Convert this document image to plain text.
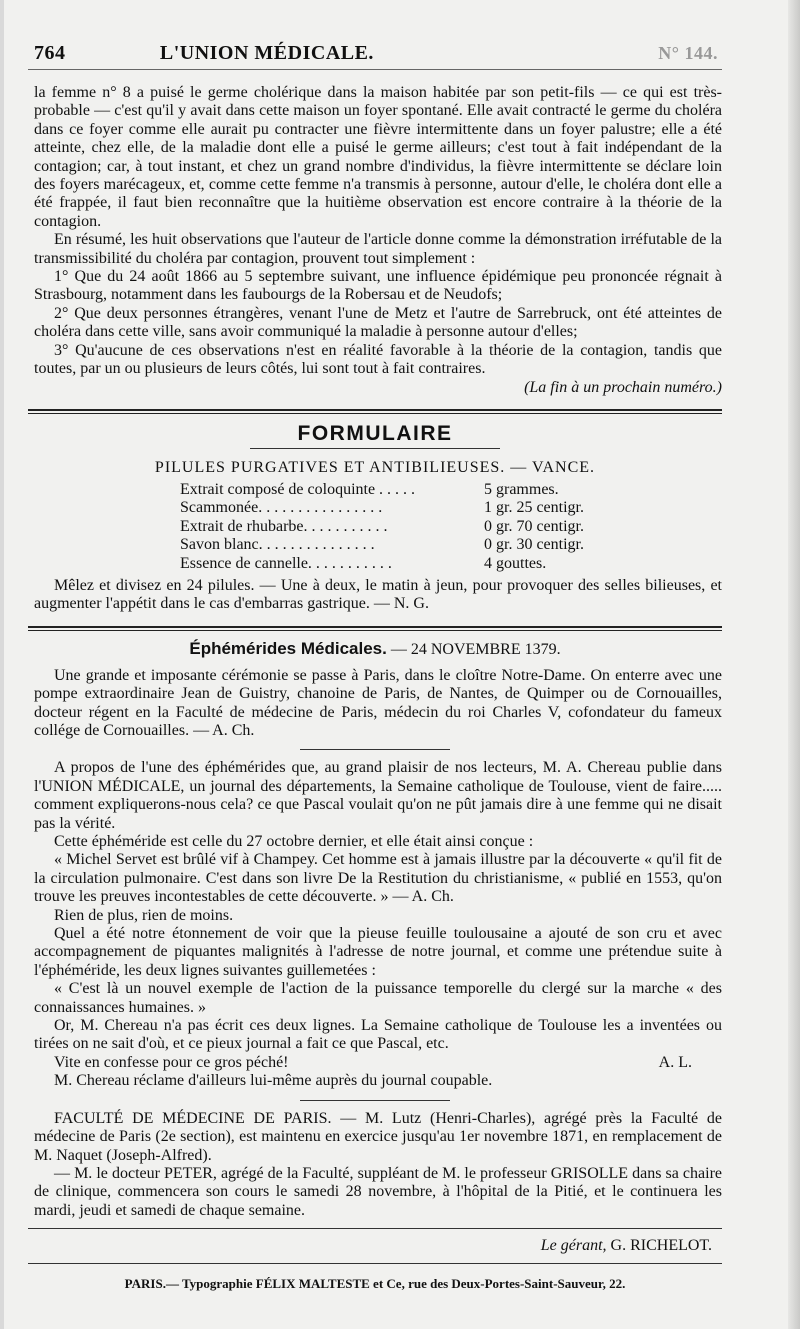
764	L'UNION MÉDICALE.	N° 144.

la femme n° 8 a puisé le germe cholérique dans la maison habitée par son petit-fils — ce qui est très-probable — c'est qu'il y avait dans cette maison un foyer spontané. Elle avait contracté le germe du choléra dans ce foyer comme elle aurait pu contracter une fièvre intermittente dans un foyer palustre; elle a été atteinte, chez elle, de la maladie dont elle a puisé le germe ailleurs; c'est tout à fait indépendant de la contagion; car, à tout instant, et chez un grand nombre d'individus, la fièvre intermittente se déclare loin des foyers marécageux, et, comme cette femme n'a transmis à personne, autour d'elle, le choléra dont elle a été frappée, il faut bien reconnaître que la huitième observation est encore contraire à la théorie de la contagion.

En résumé, les huit observations que l'auteur de l'article donne comme la démonstration irréfutable de la transmissibilité du choléra par contagion, prouvent tout simplement :

1° Que du 24 août 1866 au 5 septembre suivant, une influence épidémique peu prononcée régnait à Strasbourg, notamment dans les faubourgs de la Robersau et de Neudofs;

2° Que deux personnes étrangères, venant l'une de Metz et l'autre de Sarrebruck, ont été atteintes de choléra dans cette ville, sans avoir communiqué la maladie à personne autour d'elles;

3° Qu'aucune de ces observations n'est en réalité favorable à la théorie de la contagion, tandis que toutes, par un ou plusieurs de leurs côtés, lui sont tout à fait contraires.

(La fin à un prochain numéro.)

FORMULAIRE
PILULES PURGATIVES ET ANTIBILIEUSES. — VANCE.
Extrait composé de coloquinte . . . . .	5 grammes.
Scammonée. . . . . . . . . . . . . . . .	1 gr. 25 centigr.
Extrait de rhubarbe. . . . . . . . . . .	0 gr. 70 centigr.
Savon blanc. . . . . . . . . . . . . . .	0 gr. 30 centigr.
Essence de cannelle. . . . . . . . . . .	4 gouttes.

Mêlez et divisez en 24 pilules. — Une à deux, le matin à jeun, pour provoquer des selles bilieuses, et augmenter l'appétit dans le cas d'embarras gastrique. — N. G.

Éphémérides Médicales. — 24 NOVEMBRE 1379.

Une grande et imposante cérémonie se passe à Paris, dans le cloître Notre-Dame. On enterre avec une pompe extraordinaire Jean de Guistry, chanoine de Paris, de Nantes, de Quimper ou de Cornouailles, docteur régent en la Faculté de médecine de Paris, médecin du roi Charles V, cofondateur du fameux collége de Cornouailles. — A. Ch.

A propos de l'une des éphémérides que, au grand plaisir de nos lecteurs, M. A. Chereau publie dans l'UNION MÉDICALE, un journal des départements, la Semaine catholique de Toulouse, vient de faire..... comment expliquerons-nous cela? ce que Pascal voulait qu'on ne pût jamais dire à une femme qui ne disait pas la vérité.

Cette éphéméride est celle du 27 octobre dernier, et elle était ainsi conçue :

« Michel Servet est brûlé vif à Champey. Cet homme est à jamais illustre par la découverte « qu'il fit de la circulation pulmonaire. C'est dans son livre De la Restitution du christianisme, « publié en 1553, qu'on trouve les preuves incontestables de cette découverte. » — A. Ch.

Rien de plus, rien de moins.

Quel a été notre étonnement de voir que la pieuse feuille toulousaine a ajouté de son cru et avec accompagnement de piquantes malignités à l'adresse de notre journal, et comme une prétendue suite à l'éphéméride, les deux lignes suivantes guillemetées :

« C'est là un nouvel exemple de l'action de la puissance temporelle du clergé sur la marche « des connaissances humaines. »

Or, M. Chereau n'a pas écrit ces deux lignes. La Semaine catholique de Toulouse les a inventées ou tirées on ne sait d'où, et ce pieux journal a fait ce que Pascal, etc.

Vite en confesse pour ce gros péché!	A. L.

M. Chereau réclame d'ailleurs lui-même auprès du journal coupable.

FACULTÉ DE MÉDECINE DE PARIS. — M. Lutz (Henri-Charles), agrégé près la Faculté de médecine de Paris (2e section), est maintenu en exercice jusqu'au 1er novembre 1871, en remplacement de M. Naquet (Joseph-Alfred).

— M. le docteur PETER, agrégé de la Faculté, suppléant de M. le professeur GRISOLLE dans sa chaire de clinique, commencera son cours le samedi 28 novembre, à l'hôpital de la Pitié, et le continuera les mardi, jeudi et samedi de chaque semaine.

Le gérant, G. RICHELOT.
PARIS.— Typographie FÉLIX MALTESTE et Ce, rue des Deux-Portes-Saint-Sauveur, 22.
